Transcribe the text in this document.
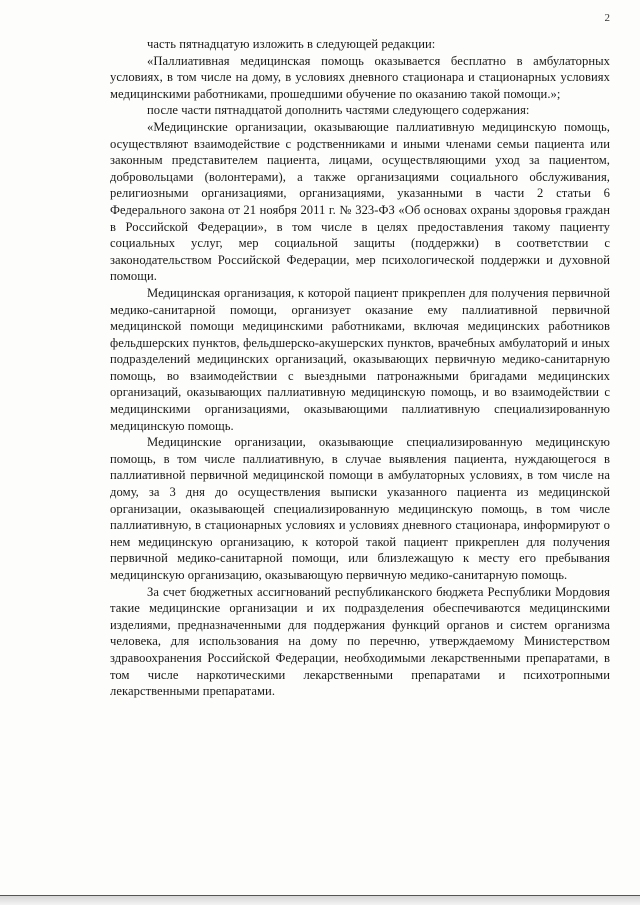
2

часть пятнадцатую изложить в следующей редакции:

«Паллиативная медицинская помощь оказывается бесплатно в амбулаторных условиях, в том числе на дому, в условиях дневного стационара и стационарных условиях медицинскими работниками, прошедшими обучение по оказанию такой помощи.»;

после части пятнадцатой дополнить частями следующего содержания:

«Медицинские организации, оказывающие паллиативную медицинскую помощь, осуществляют взаимодействие с родственниками и иными членами семьи пациента или законным представителем пациента, лицами, осуществляющими уход за пациентом, добровольцами (волонтерами), а также организациями социального обслуживания, религиозными организациями, организациями, указанными в части 2 статьи 6 Федерального закона от 21 ноября 2011 г. № 323-ФЗ «Об основах охраны здоровья граждан в Российской Федерации», в том числе в целях предоставления такому пациенту социальных услуг, мер социальной защиты (поддержки) в соответствии с законодательством Российской Федерации, мер психологической поддержки и духовной помощи.

Медицинская организация, к которой пациент прикреплен для получения первичной медико-санитарной помощи, организует оказание ему паллиативной первичной медицинской помощи медицинскими работниками, включая медицинских работников фельдшерских пунктов, фельдшерско-акушерских пунктов, врачебных амбулаторий и иных подразделений медицинских организаций, оказывающих первичную медико-санитарную помощь, во взаимодействии с выездными патронажными бригадами медицинских организаций, оказывающих паллиативную медицинскую помощь, и во взаимодействии с медицинскими организациями, оказывающими паллиативную специализированную медицинскую помощь.

Медицинские организации, оказывающие специализированную медицинскую помощь, в том числе паллиативную, в случае выявления пациента, нуждающегося в паллиативной первичной медицинской помощи в амбулаторных условиях, в том числе на дому, за 3 дня до осуществления выписки указанного пациента из медицинской организации, оказывающей специализированную медицинскую помощь, в том числе паллиативную, в стационарных условиях и условиях дневного стационара, информируют о нем медицинскую организацию, к которой такой пациент прикреплен для получения первичной медико-санитарной помощи, или близлежащую к месту его пребывания медицинскую организацию, оказывающую первичную медико-санитарную помощь.

За счет бюджетных ассигнований республиканского бюджета Республики Мордовия такие медицинские организации и их подразделения обеспечиваются медицинскими изделиями, предназначенными для поддержания функций органов и систем организма человека, для использования на дому по перечню, утверждаемому Министерством здравоохранения Российской Федерации, необходимыми лекарственными препаратами, в том числе наркотическими лекарственными препаратами и психотропными лекарственными препаратами.
